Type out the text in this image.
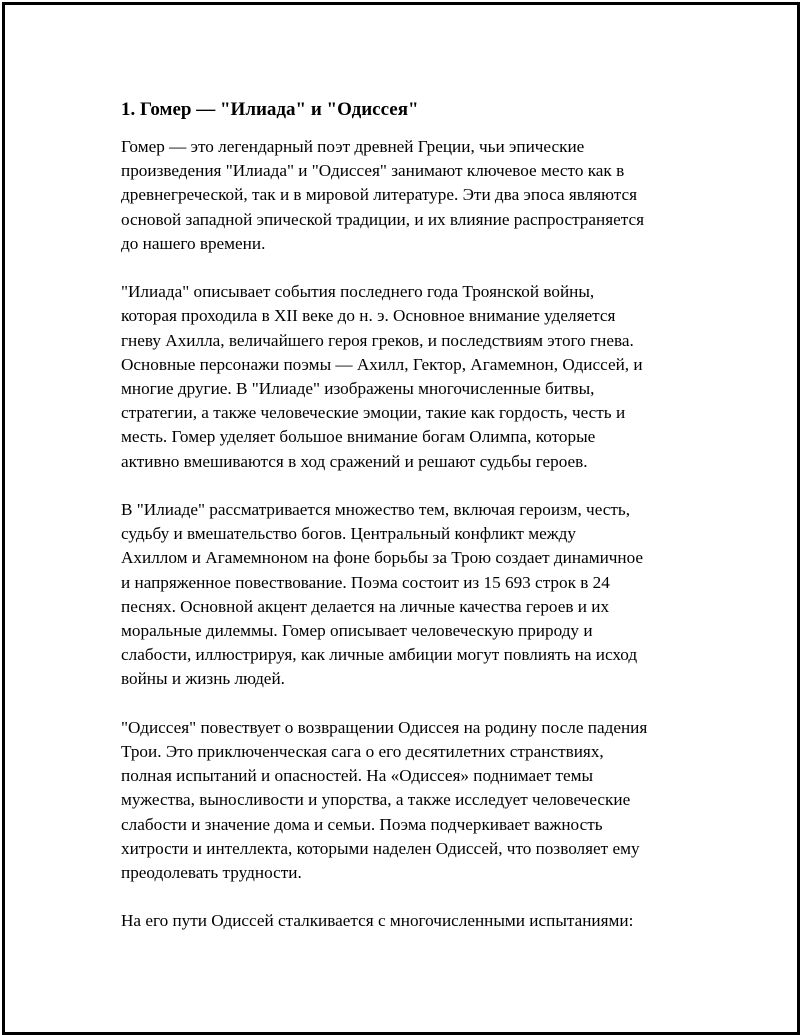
1. Гомер — "Илиада" и "Одиссея"

Гомер — это легендарный поэт древней Греции, чьи эпические
произведения "Илиада" и "Одиссея" занимают ключевое место как в
древнегреческой, так и в мировой литературе. Эти два эпоса являются
основой западной эпической традиции, и их влияние распространяется
до нашего времени.

"Илиада" описывает события последнего года Троянской войны,
которая проходила в XII веке до н. э. Основное внимание уделяется
гневу Ахилла, величайшего героя греков, и последствиям этого гнева.
Основные персонажи поэмы — Ахилл, Гектор, Агамемнон, Одиссей, и
многие другие. В "Илиаде" изображены многочисленные битвы,
стратегии, а также человеческие эмоции, такие как гордость, честь и
месть. Гомер уделяет большое внимание богам Олимпа, которые
активно вмешиваются в ход сражений и решают судьбы героев.

В "Илиаде" рассматривается множество тем, включая героизм, честь,
судьбу и вмешательство богов. Центральный конфликт между
Ахиллом и Агамемноном на фоне борьбы за Трою создает динамичное
и напряженное повествование. Поэма состоит из 15 693 строк в 24
песнях. Основной акцент делается на личные качества героев и их
моральные дилеммы. Гомер описывает человеческую природу и
слабости, иллюстрируя, как личные амбиции могут повлиять на исход
войны и жизнь людей.

"Одиссея" повествует о возвращении Одиссея на родину после падения
Трои. Это приключенческая сага о его десятилетних странствиях,
полная испытаний и опасностей. На «Одиссея» поднимает темы
мужества, выносливости и упорства, а также исследует человеческие
слабости и значение дома и семьи. Поэма подчеркивает важность
хитрости и интеллекта, которыми наделен Одиссей, что позволяет ему
преодолевать трудности.

На его пути Одиссей сталкивается с многочисленными испытаниями:
